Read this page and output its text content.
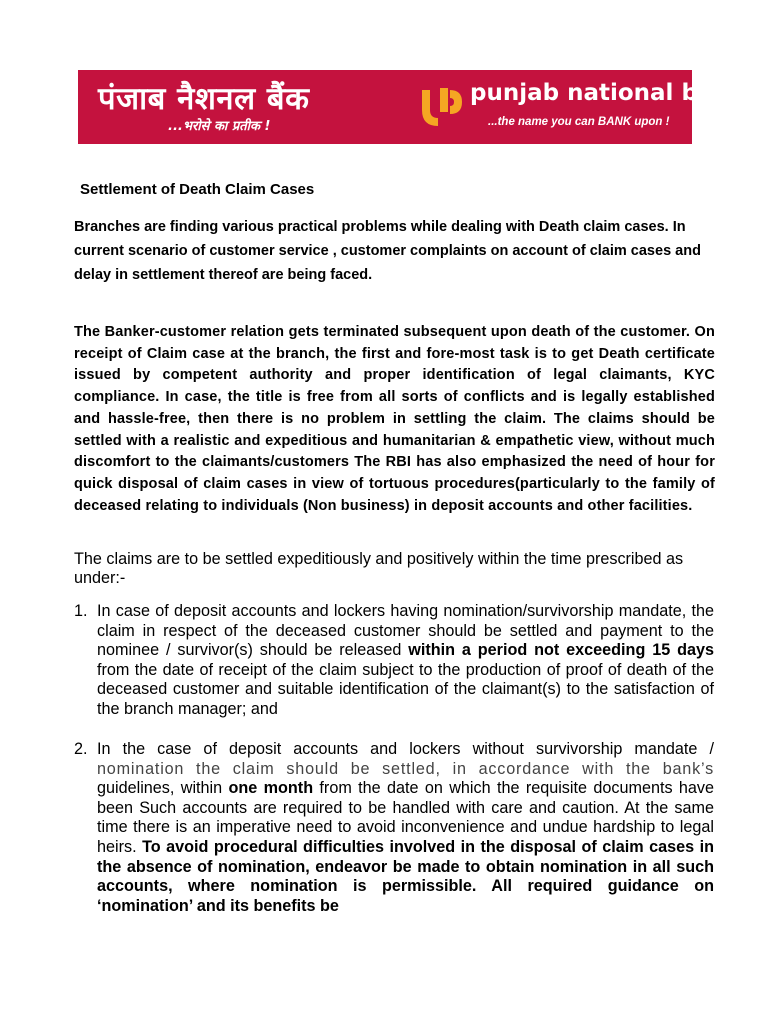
पंजाब नैशनल बैंक
...भरोसे का प्रतीक !
punjab national bank
...the name you can BANK upon !
Settlement of Death Claim Cases

Branches are finding various practical problems while dealing with Death claim cases. In current scenario of customer service , customer complaints on account of claim cases and delay in settlement thereof are being faced.

The Banker-customer relation gets terminated subsequent upon death of the customer. On receipt of Claim case at the branch, the first and fore-most task is to get Death certificate issued by competent authority and proper identification of legal claimants, KYC compliance. In case, the title is free from all sorts of conflicts and is legally established and hassle-free, then there is no problem in settling the claim. The claims should be settled with a realistic and expeditious and humanitarian & empathetic view, without much discomfort to the claimants/customers The RBI has also emphasized the need of hour for quick disposal of claim cases in view of tortuous procedures(particularly to the family of deceased relating to individuals (Non business) in deposit accounts and other facilities.

The claims are to be settled expeditiously and positively within the time prescribed as under:-

1. In case of deposit accounts and lockers having nomination/survivorship mandate, the claim in respect of the deceased customer should be settled and payment to the nominee / survivor(s) should be released within a period not exceeding 15 days from the date of receipt of the claim subject to the production of proof of death of the deceased customer and suitable identification of the claimant(s) to the satisfaction of the branch manager; and
2. In the case of deposit accounts and lockers without survivorship mandate / nomination the claim should be settled, in accordance with the bank’s guidelines, within one month from the date on which the requisite documents have been Such accounts are required to be handled with care and caution. At the same time there is an imperative need to avoid inconvenience and undue hardship to legal heirs. To avoid procedural difficulties involved in the disposal of claim cases in the absence of nomination, endeavor be made to obtain nomination in all such accounts, where nomination is permissible. All required guidance on ‘nomination’ and its benefits be
